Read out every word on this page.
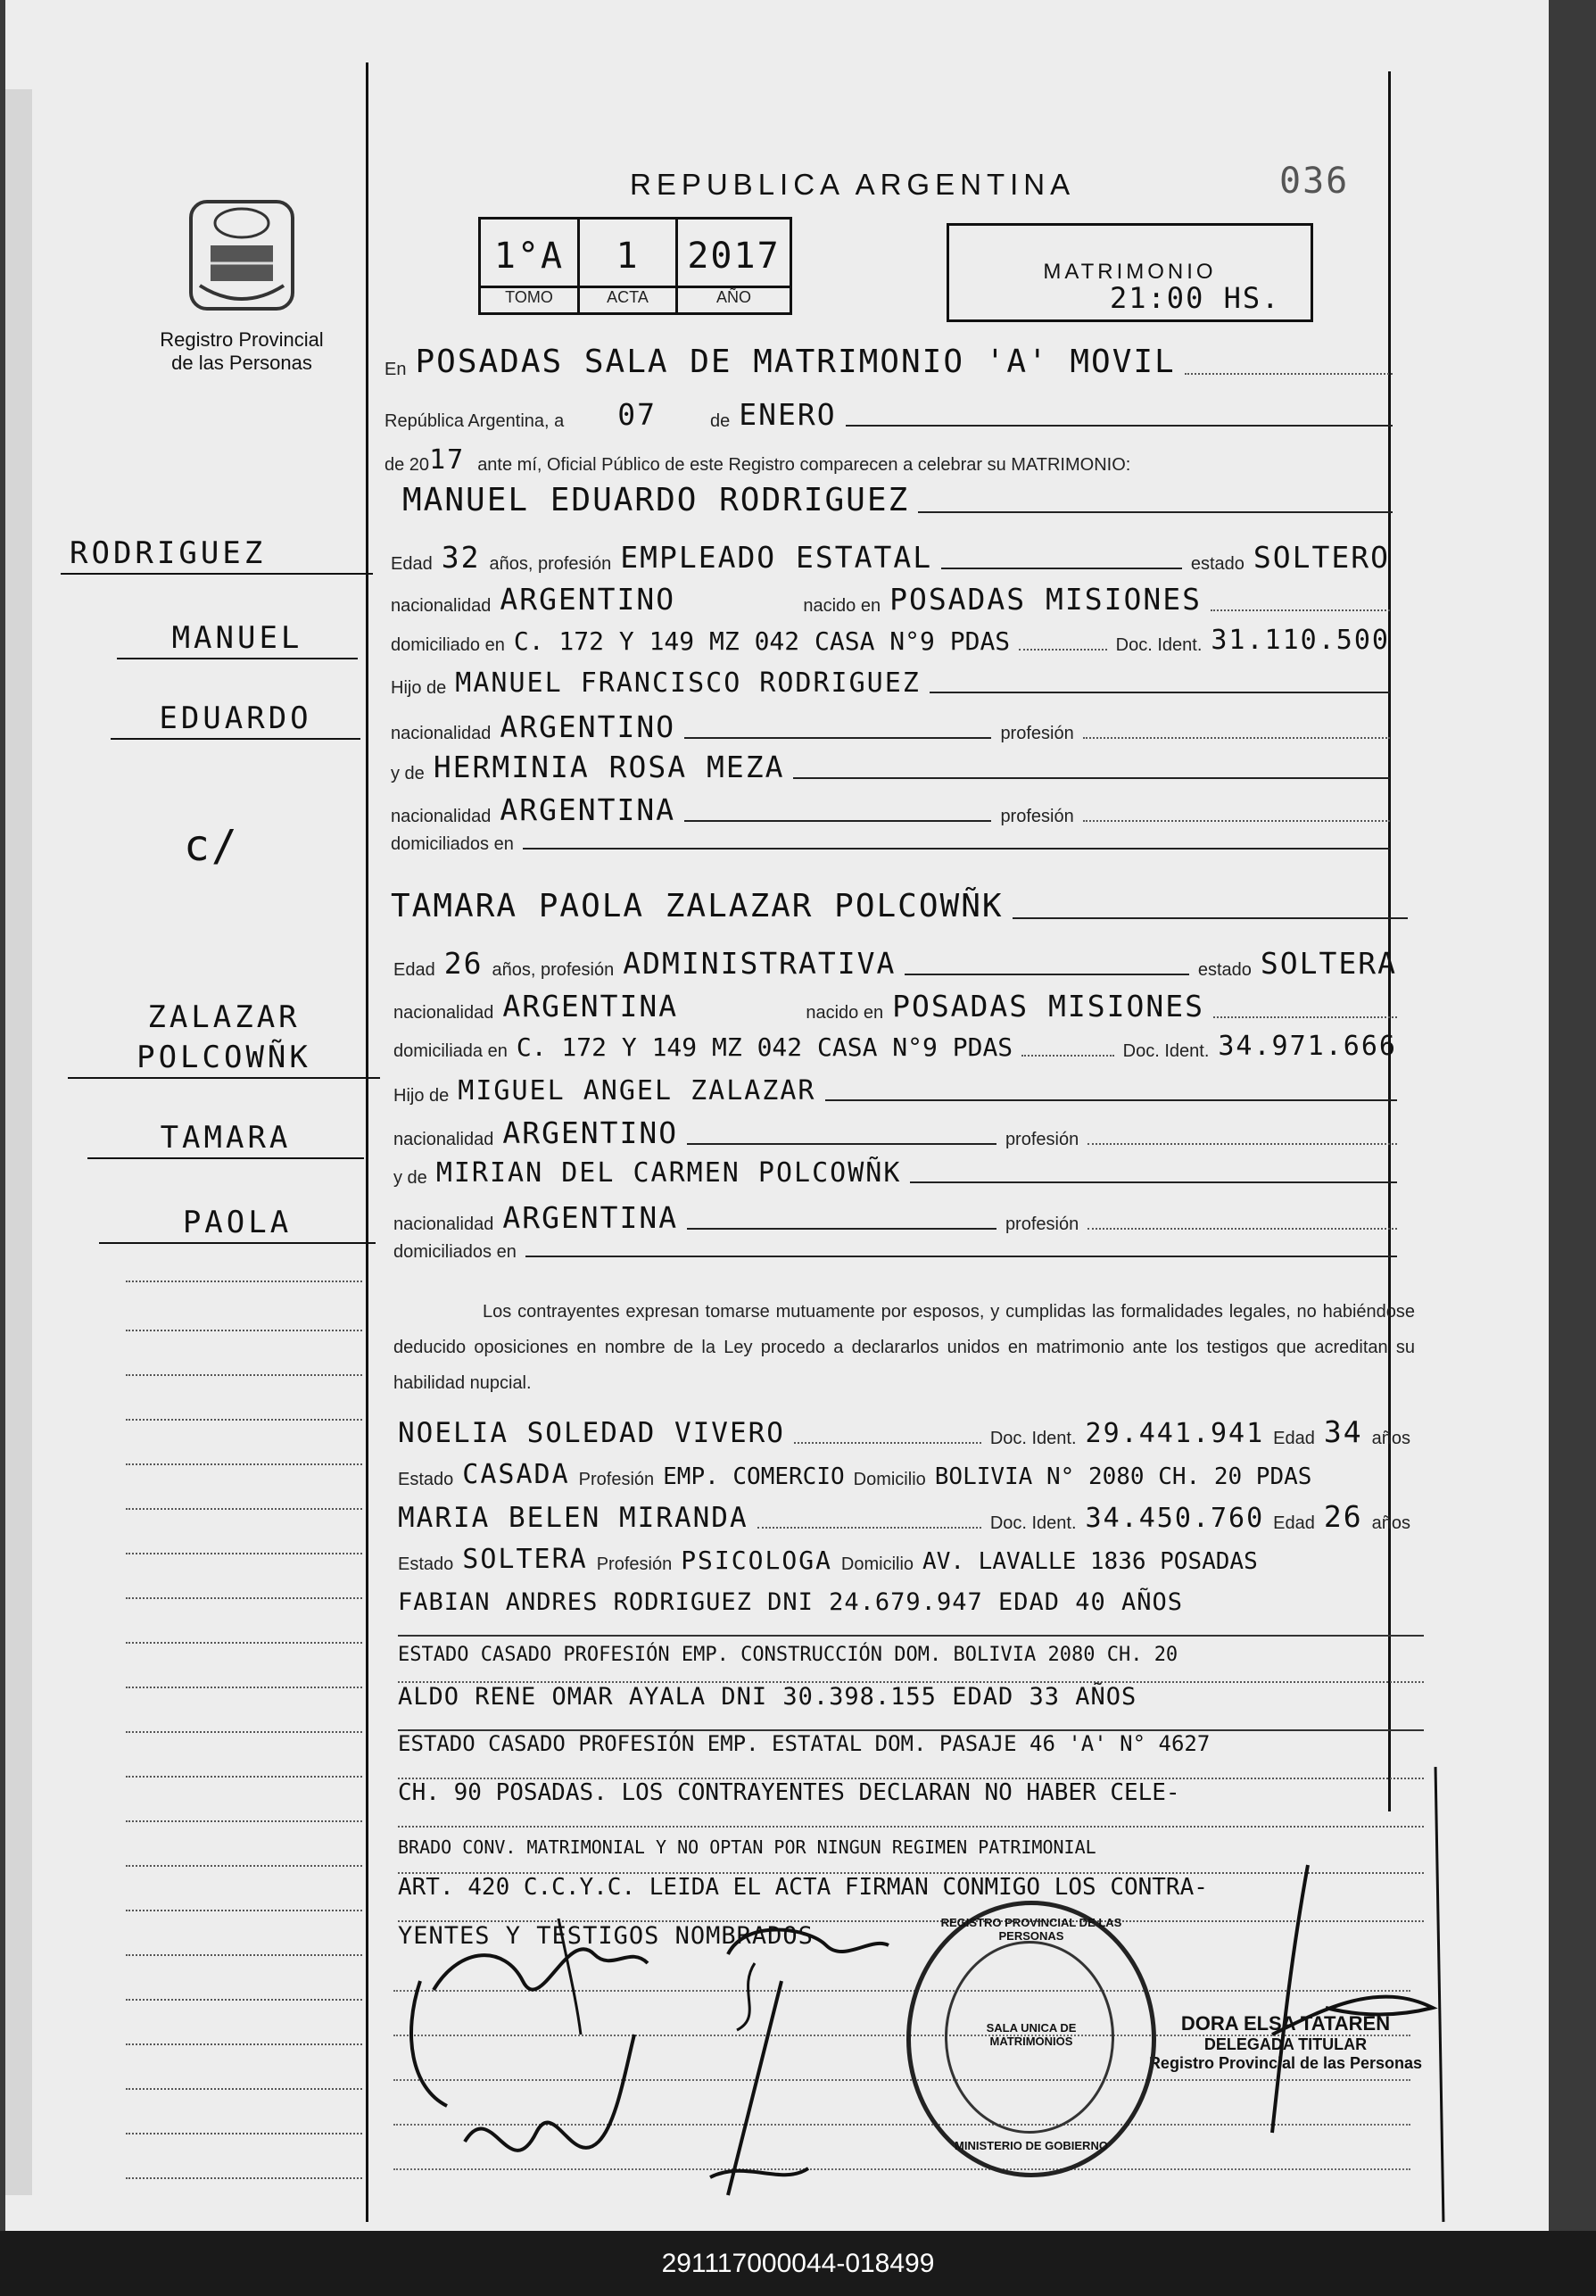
Registro Provincial
de las Personas
REPUBLICA ARGENTINA	036
1°A	1	2017
TOMO	ACTA	AÑO
MATRIMONIO
21:00 HS.
RODRIGUEZ
MANUEL
EDUARDO
c/
ZALAZAR
POLCOWÑK
TAMARA
PAOLA
En POSADAS SALA DE MATRIMONIO 'A' MOVIL
República Argentina, a 07	de ENERO
de 20 17 ante mí, Oficial Público de este Registro comparecen a celebrar su MATRIMONIO:
MANUEL EDUARDO RODRIGUEZ
Edad 32 años, profesión EMPLEADO ESTATAL	estado SOLTERO
nacionalidad ARGENTINO	nacido en POSADAS MISIONES
domiciliado en C. 172 Y 149 MZ 042 CASA N°9 PDAS	Doc. Ident. 31.110.500
Hijo de MANUEL FRANCISCO RODRIGUEZ
nacionalidad ARGENTINO	profesión
y de HERMINIA ROSA MEZA
nacionalidad ARGENTINA	profesión
domiciliados en
TAMARA PAOLA ZALAZAR POLCOWÑK
Edad 26 años, profesión ADMINISTRATIVA	estado SOLTERA
nacionalidad ARGENTINA	nacido en POSADAS MISIONES
domiciliada en C. 172 Y 149 MZ 042 CASA N°9 PDAS	Doc. Ident. 34.971.666
Hijo de MIGUEL ANGEL ZALAZAR
nacionalidad ARGENTINO	profesión
y de MIRIAN DEL CARMEN POLCOWÑK
nacionalidad ARGENTINA	profesión
domiciliados en
Los contrayentes expresan tomarse mutuamente por esposos, y cumplidas las formalidades legales, no habiéndose deducido oposiciones en nombre de la Ley procedo a declararlos unidos en matrimonio ante los testigos que acreditan su habilidad nupcial.
NOELIA SOLEDAD VIVERO	Doc. Ident. 29.441.941 Edad 34 años
Estado CASADA Profesión EMP. COMERCIO Domicilio BOLIVIA N° 2080 CH. 20 PDAS
MARIA BELEN MIRANDA	Doc. Ident. 34.450.760 Edad 26 años
Estado SOLTERA Profesión PSICOLOGA Domicilio AV. LAVALLE 1836 POSADAS
FABIAN ANDRES RODRIGUEZ DNI 24.679.947 EDAD 40 AÑOS
ESTADO CASADO PROFESIÓN EMP. CONSTRUCCIÓN DOM. BOLIVIA 2080 CH. 20
ALDO RENE OMAR AYALA DNI 30.398.155 EDAD 33 AÑOS
ESTADO CASADO PROFESIÓN EMP. ESTATAL DOM. PASAJE 46 'A' N° 4627
CH. 90 POSADAS. LOS CONTRAYENTES DECLARAN NO HABER CELE-
BRADO CONV. MATRIMONIAL Y NO OPTAN POR NINGUN REGIMEN PATRIMONIAL
ART. 420 C.C.Y.C. LEIDA EL ACTA FIRMAN CONMIGO LOS CONTRA-
YENTES Y TESTIGOS NOMBRADOS
DORA ELSA TATAREN
DELEGADA TITULAR
Registro Provincial de las Personas
REGISTRO PROVINCIAL DE LAS PERSONAS
SALA UNICA DE MATRIMONIOS
MINISTERIO DE GOBIERNO
291117000044-018499
